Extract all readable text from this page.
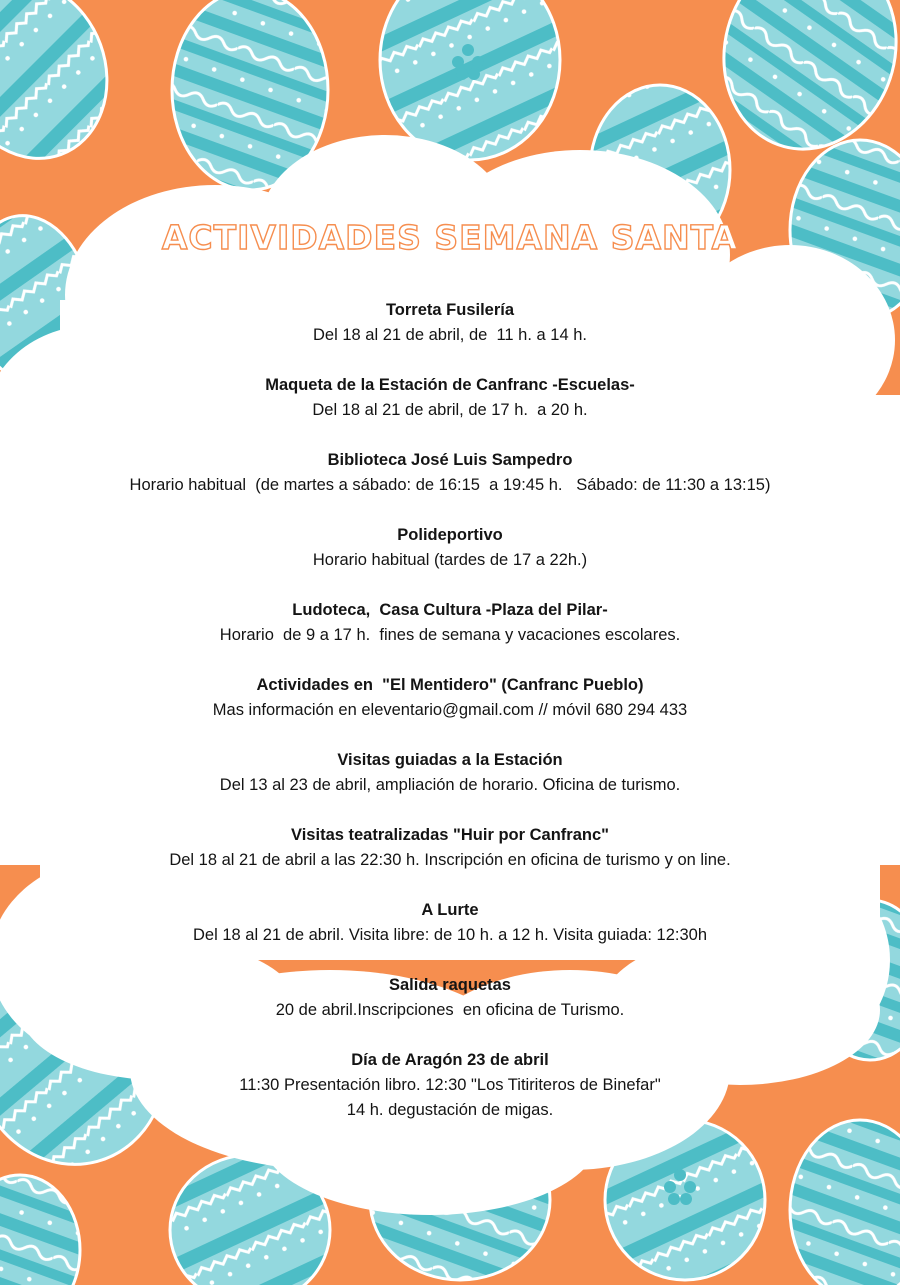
ACTIVIDADES SEMANA SANTA
Torreta Fusilería
Del 18 al 21 de abril, de  11 h. a 14 h.
Maqueta de la Estación de Canfranc -Escuelas-
Del 18 al 21 de abril, de 17 h.  a 20 h.
Biblioteca José Luis Sampedro
Horario habitual  (de martes a sábado: de 16:15  a 19:45 h.   Sábado: de 11:30 a 13:15)
Polideportivo
Horario habitual (tardes de 17 a 22h.)
Ludoteca,  Casa Cultura -Plaza del Pilar-
Horario  de 9 a 17 h.  fines de semana y vacaciones escolares.
Actividades en  "El Mentidero" (Canfranc Pueblo)
Mas información en eleventario@gmail.com // móvil 680 294 433
Visitas guiadas a la Estación
Del 13 al 23 de abril, ampliación de horario. Oficina de turismo.
Visitas teatralizadas "Huir por Canfranc"
Del 18 al 21 de abril a las 22:30 h. Inscripción en oficina de turismo y on line.
A Lurte
Del 18 al 21 de abril. Visita libre: de 10 h. a 12 h. Visita guiada: 12:30h
Salida raquetas
20 de abril.Inscripciones  en oficina de Turismo.
Día de Aragón 23 de abril
11:30 Presentación libro. 12:30 "Los Titiriteros de Binefar"
14 h. degustación de migas.
